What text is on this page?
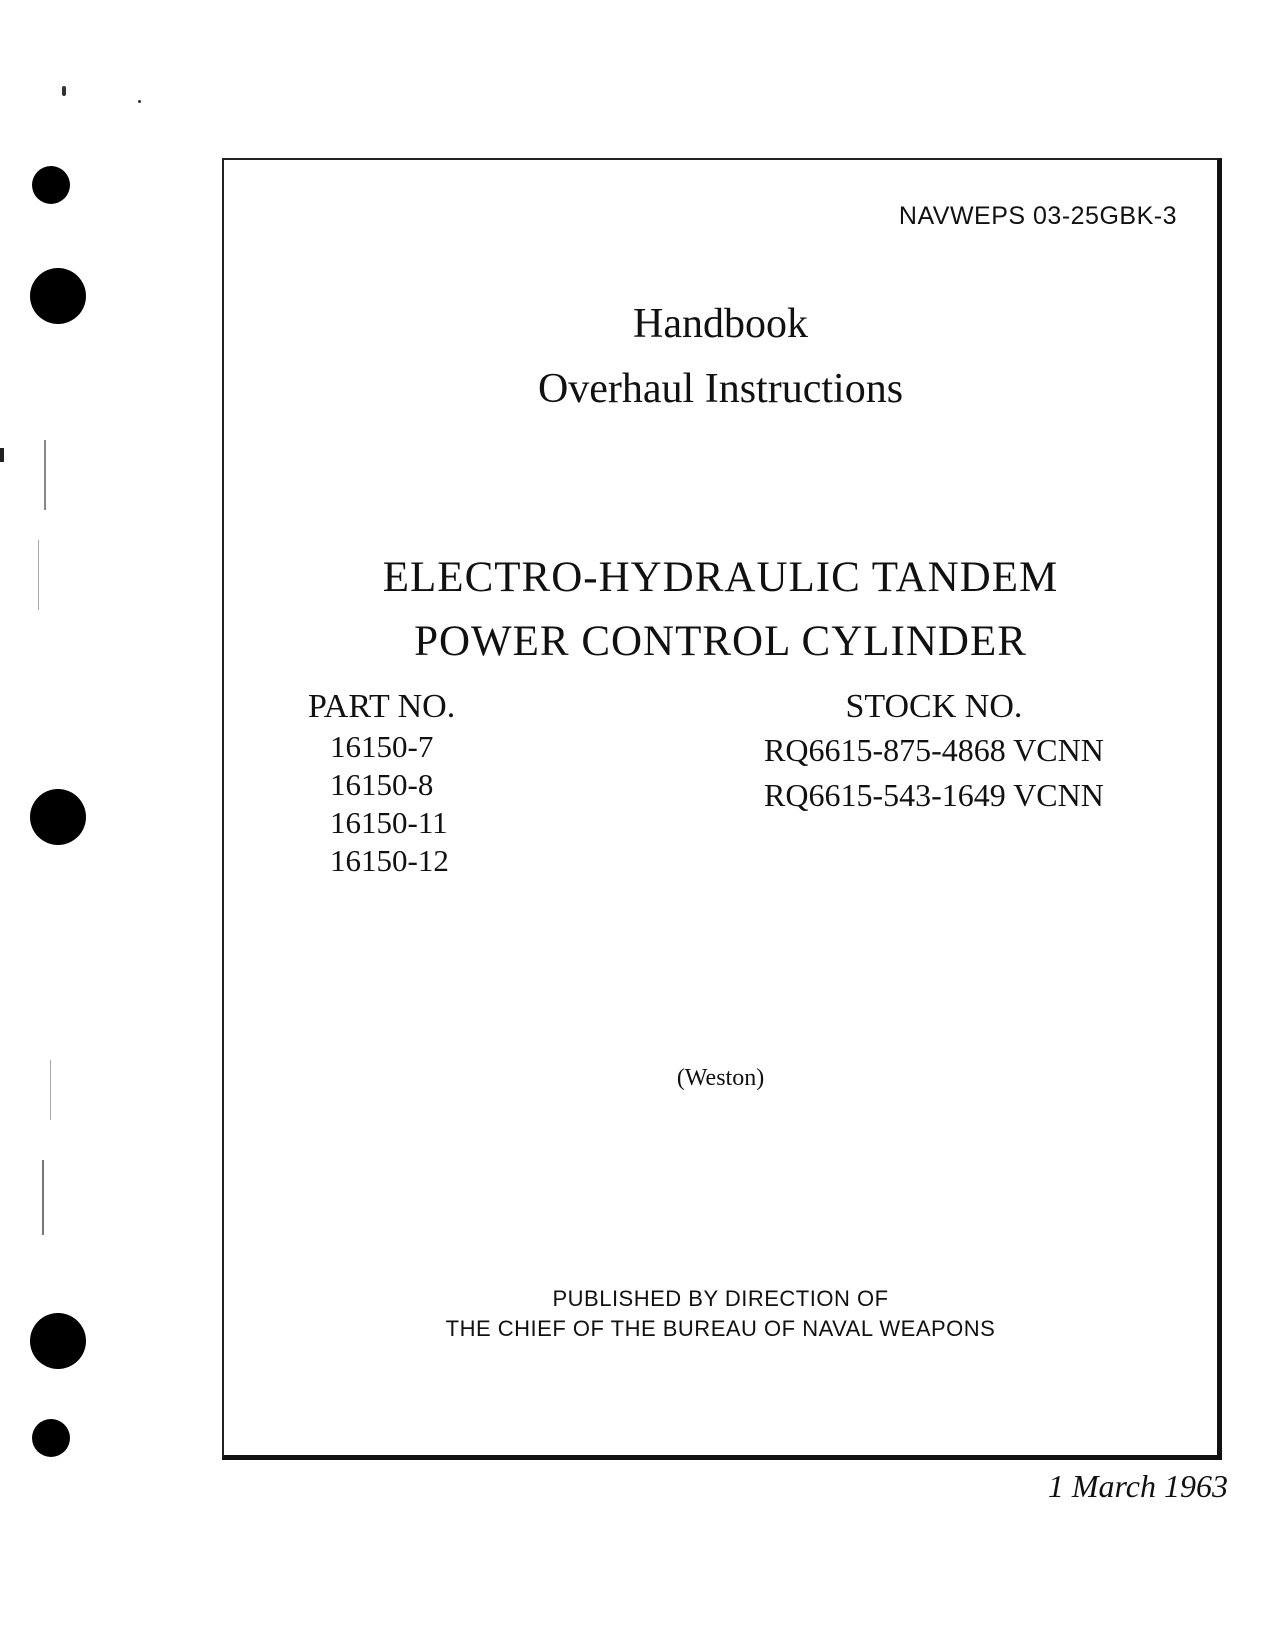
NAVWEPS 03-25GBK-3
Handbook
Overhaul Instructions
ELECTRO-HYDRAULIC TANDEM
POWER CONTROL CYLINDER
PART NO.
16150-7
16150-8
16150-11
16150-12
STOCK NO.
RQ6615-875-4868 VCNN
RQ6615-543-1649 VCNN
(Weston)
PUBLISHED BY DIRECTION OF
THE CHIEF OF THE BUREAU OF NAVAL WEAPONS
1 March 1963
